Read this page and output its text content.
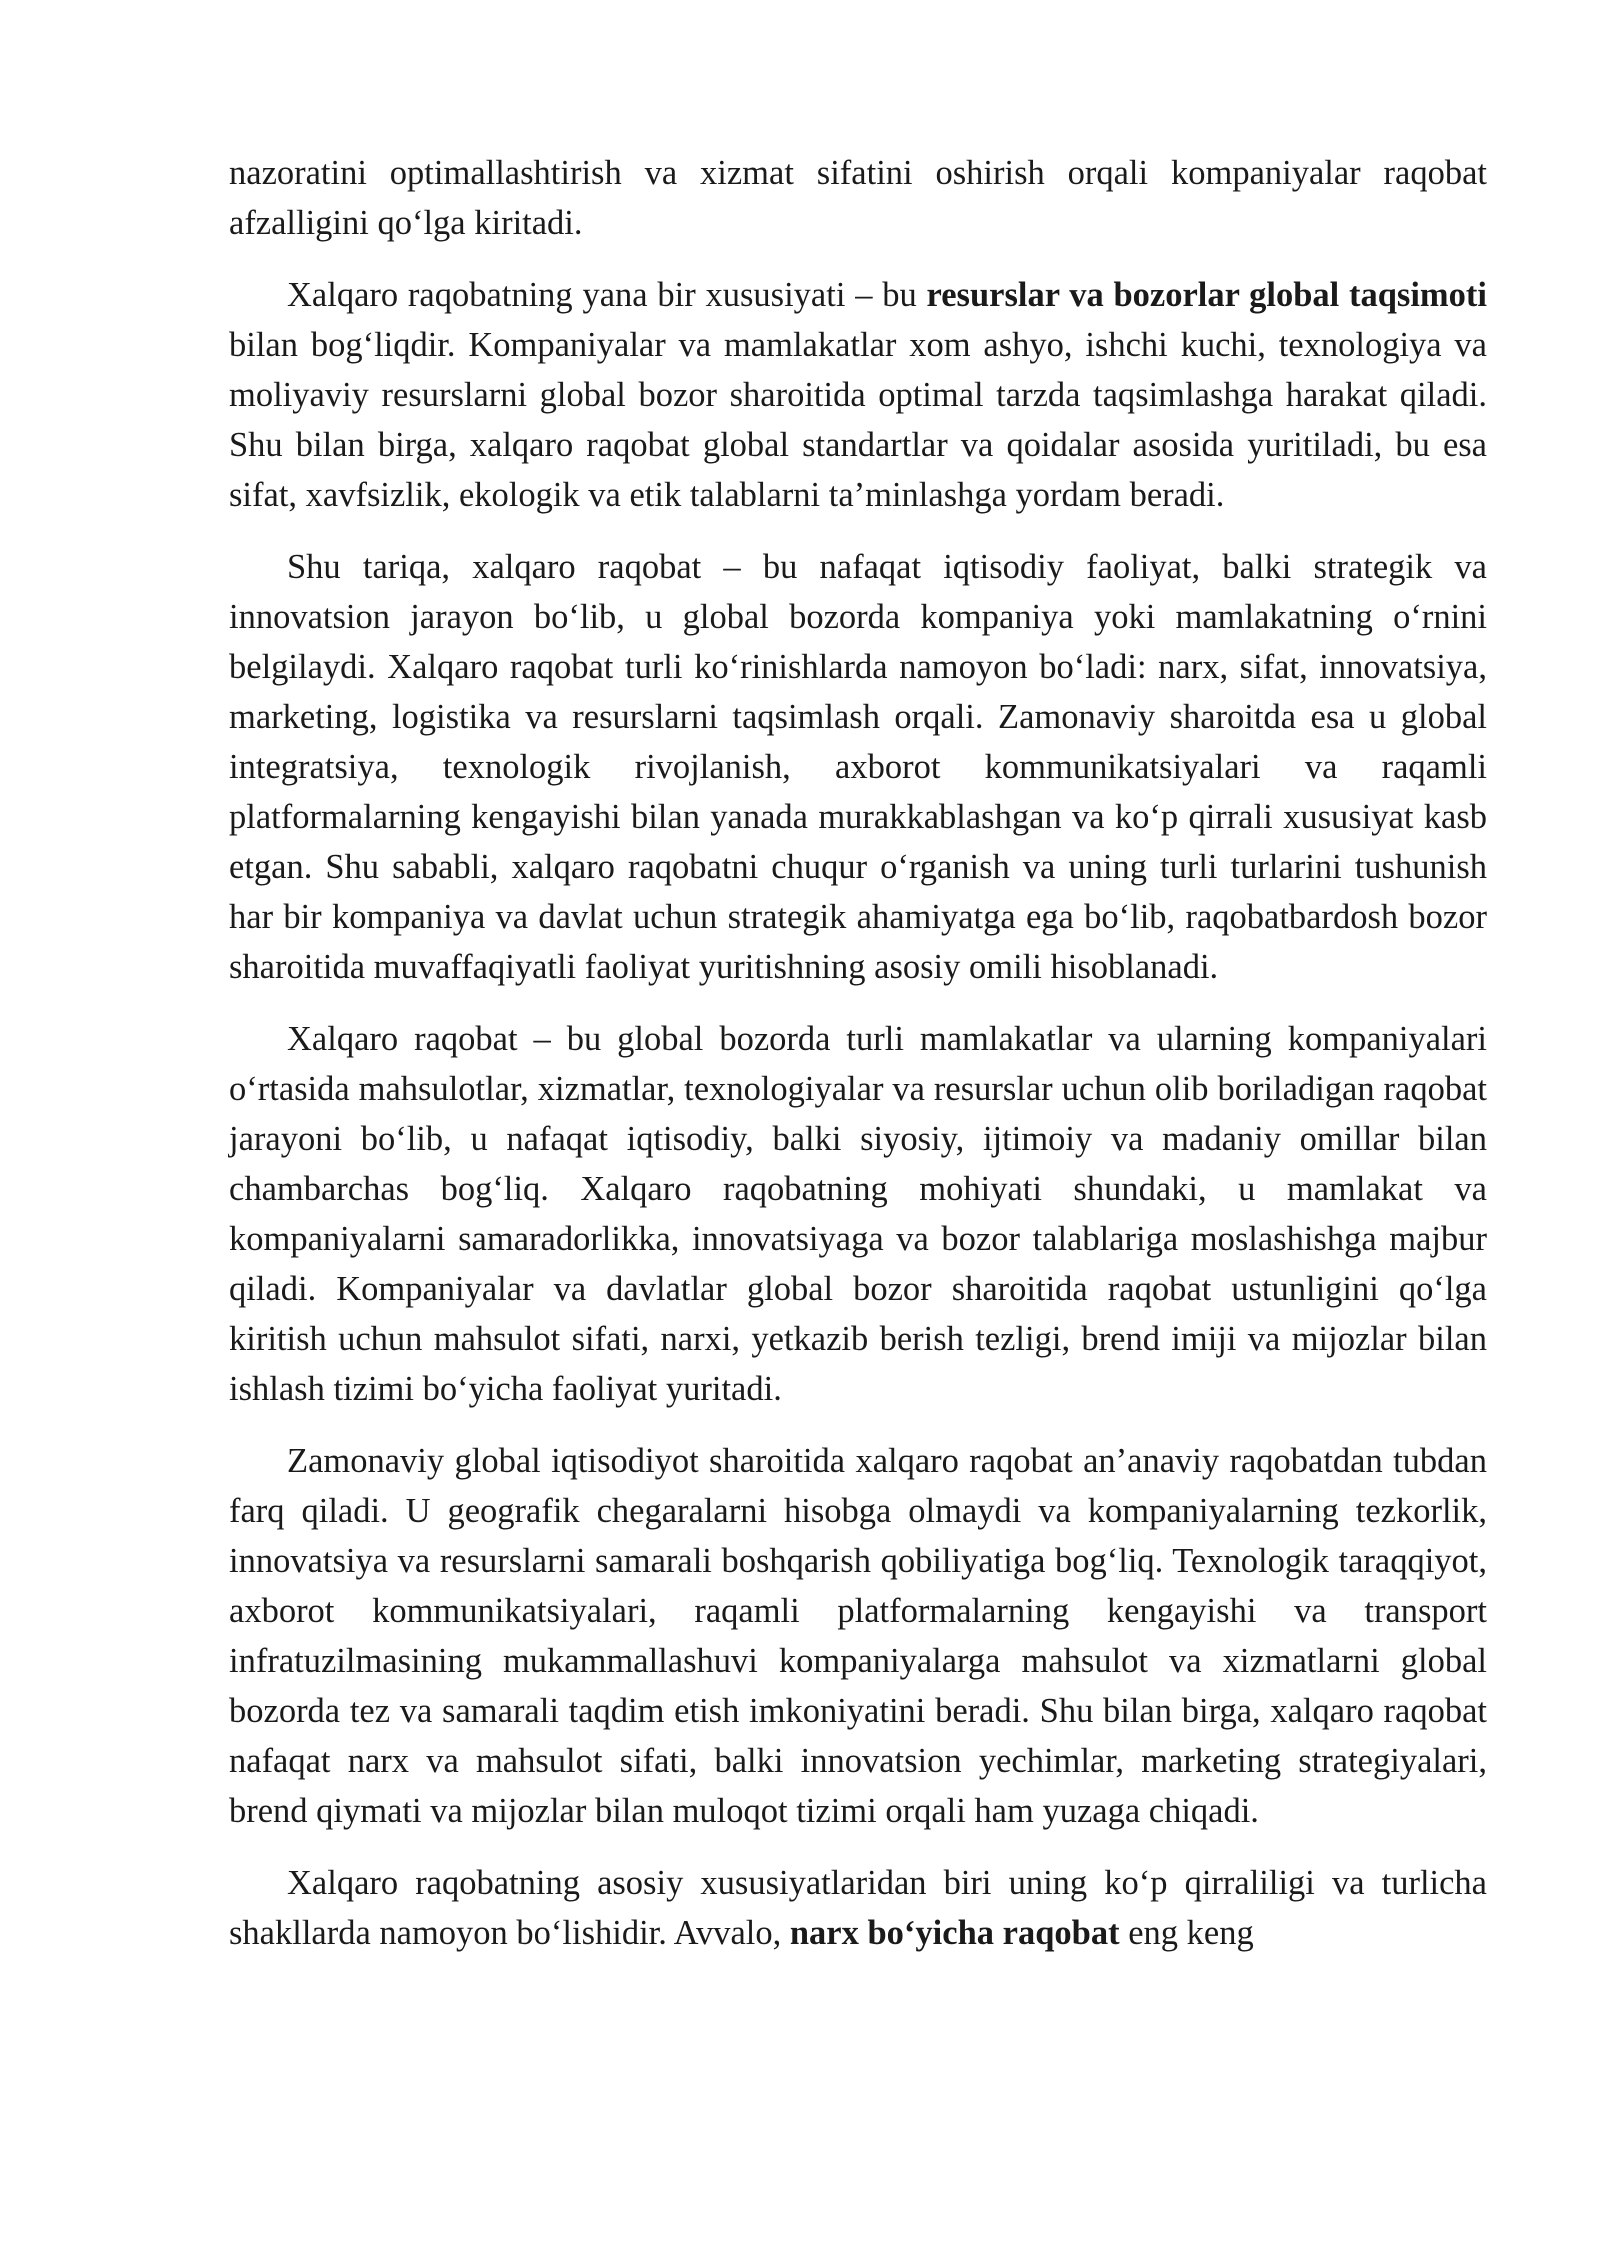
nazoratini optimallashtirish va xizmat sifatini oshirish orqali kompaniyalar raqobat afzalligini qo‘lga kiritadi.

Xalqaro raqobatning yana bir xususiyati – bu resurslar va bozorlar global taqsimoti bilan bog‘liqdir. Kompaniyalar va mamlakatlar xom ashyo, ishchi kuchi, texnologiya va moliyaviy resurslarni global bozor sharoitida optimal tarzda taqsimlashga harakat qiladi. Shu bilan birga, xalqaro raqobat global standartlar va qoidalar asosida yuritiladi, bu esa sifat, xavfsizlik, ekologik va etik talablarni ta’minlashga yordam beradi.

Shu tariqa, xalqaro raqobat – bu nafaqat iqtisodiy faoliyat, balki strategik va innovatsion jarayon bo‘lib, u global bozorda kompaniya yoki mamlakatning o‘rnini belgilaydi. Xalqaro raqobat turli ko‘rinishlarda namoyon bo‘ladi: narx, sifat, innovatsiya, marketing, logistika va resurslarni taqsimlash orqali. Zamonaviy sharoitda esa u global integratsiya, texnologik rivojlanish, axborot kommunikatsiyalari va raqamli platformalarning kengayishi bilan yanada murakkablashgan va ko‘p qirrali xususiyat kasb etgan. Shu sababli, xalqaro raqobatni chuqur o‘rganish va uning turli turlarini tushunish har bir kompaniya va davlat uchun strategik ahamiyatga ega bo‘lib, raqobatbardosh bozor sharoitida muvaffaqiyatli faoliyat yuritishning asosiy omili hisoblanadi.

Xalqaro raqobat – bu global bozorda turli mamlakatlar va ularning kompaniyalari o‘rtasida mahsulotlar, xizmatlar, texnologiyalar va resurslar uchun olib boriladigan raqobat jarayoni bo‘lib, u nafaqat iqtisodiy, balki siyosiy, ijtimoiy va madaniy omillar bilan chambarchas bog‘liq. Xalqaro raqobatning mohiyati shundaki, u mamlakat va kompaniyalarni samaradorlikka, innovatsiyaga va bozor talablariga moslashishga majbur qiladi. Kompaniyalar va davlatlar global bozor sharoitida raqobat ustunligini qo‘lga kiritish uchun mahsulot sifati, narxi, yetkazib berish tezligi, brend imiji va mijozlar bilan ishlash tizimi bo‘yicha faoliyat yuritadi.

Zamonaviy global iqtisodiyot sharoitida xalqaro raqobat an’anaviy raqobatdan tubdan farq qiladi. U geografik chegaralarni hisobga olmaydi va kompaniyalarning tezkorlik, innovatsiya va resurslarni samarali boshqarish qobiliyatiga bog‘liq. Texnologik taraqqiyot, axborot kommunikatsiyalari, raqamli platformalarning kengayishi va transport infratuzilmasining mukammallashuvi kompaniyalarga mahsulot va xizmatlarni global bozorda tez va samarali taqdim etish imkoniyatini beradi. Shu bilan birga, xalqaro raqobat nafaqat narx va mahsulot sifati, balki innovatsion yechimlar, marketing strategiyalari, brend qiymati va mijozlar bilan muloqot tizimi orqali ham yuzaga chiqadi.

Xalqaro raqobatning asosiy xususiyatlaridan biri uning ko‘p qirraliligi va turlicha shakllarda namoyon bo‘lishidir. Avvalo, narx bo‘yicha raqobat eng keng
